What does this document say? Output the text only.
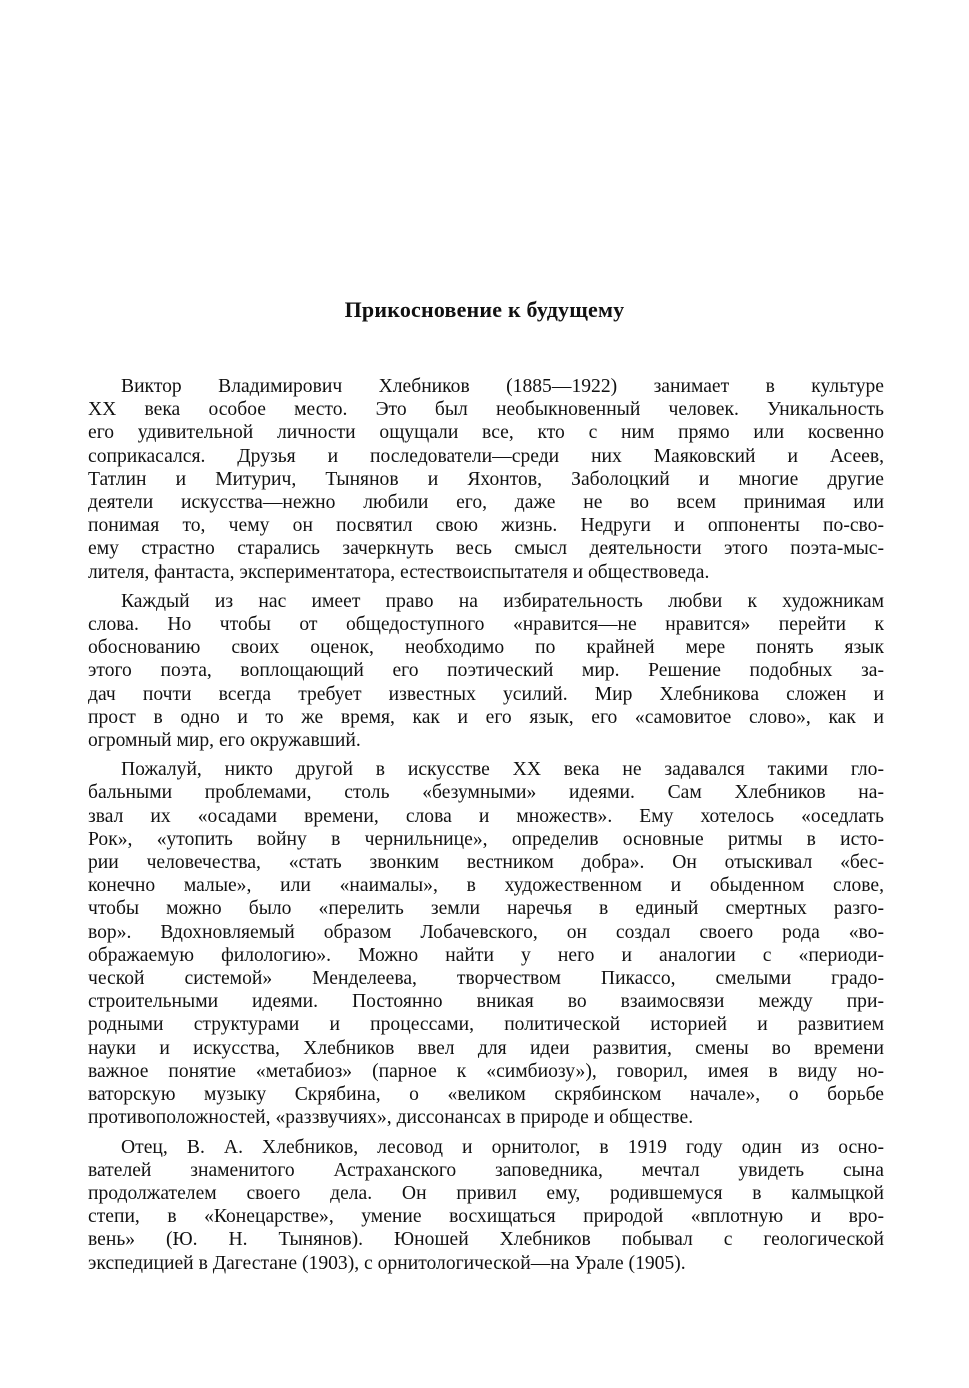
Прикосновение к будущему

Виктор Владимирович Хлебников (1885—1922) занимает в культуре
XX века особое место. Это был необыкновенный человек. Уникальность
его удивительной личности ощущали все, кто с ним прямо или косвенно
соприкасался. Друзья и последователи—среди них Маяковский и Асеев,
Татлин и Митурич, Тынянов и Яхонтов, Заболоцкий и многие другие
деятели искусства—нежно любили его, даже не во всем принимая или
понимая то, чему он посвятил свою жизнь. Недруги и оппоненты по-сво-
ему страстно старались зачеркнуть весь смысл деятельности этого поэта-мыс-
лителя, фантаста, экспериментатора, естествоиспытателя и обществоведа.

Каждый из нас имеет право на избирательность любви к художникам
слова. Но чтобы от общедоступного «нравится—не нравится» перейти к
обоснованию своих оценок, необходимо по крайней мере понять язык
этого поэта, воплощающий его поэтический мир. Решение подобных за-
дач почти всегда требует известных усилий. Мир Хлебникова сложен и
прост в одно и то же время, как и его язык, его «самовитое слово», как и
огромный мир, его окружавший.

Пожалуй, никто другой в искусстве XX века не задавался такими гло-
бальными проблемами, столь «безумными» идеями. Сам Хлебников на-
звал их «осадами времени, слова и множеств». Ему хотелось «оседлать
Рок», «утопить войну в чернильнице», определив основные ритмы в исто-
рии человечества, «стать звонким вестником добра». Он отыскивал «бес-
конечно малые», или «наималы», в художественном и обыденном слове,
чтобы можно было «перелить земли наречья в единый смертных разго-
вор». Вдохновляемый образом Лобачевского, он создал своего рода «во-
ображаемую филологию». Можно найти у него и аналогии с «периоди-
ческой системой» Менделеева, творчеством Пикассо, смелыми градо-
строительными идеями. Постоянно вникая во взаимосвязи между при-
родными структурами и процессами, политической историей и развитием
науки и искусства, Хлебников ввел для идеи развития, смены во времени
важное понятие «метабиоз» (парное к «симбиозу»), говорил, имея в виду но-
ваторскую музыку Скрябина, о «великом скрябинском начале», о борьбе
противоположностей, «раззвучиях», диссонансах в природе и обществе.

Отец, В. А. Хлебников, лесовод и орнитолог, в 1919 году один из осно-
вателей знаменитого Астраханского заповедника, мечтал увидеть сына
продолжателем своего дела. Он привил ему, родившемуся в калмыцкой
степи, в «Конецарстве», умение восхищаться природой «вплотную и вро-
вень» (Ю. Н. Тынянов). Юношей Хлебников побывал с геологической
экспедицией в Дагестане (1903), с орнитологической—на Урале (1905).
